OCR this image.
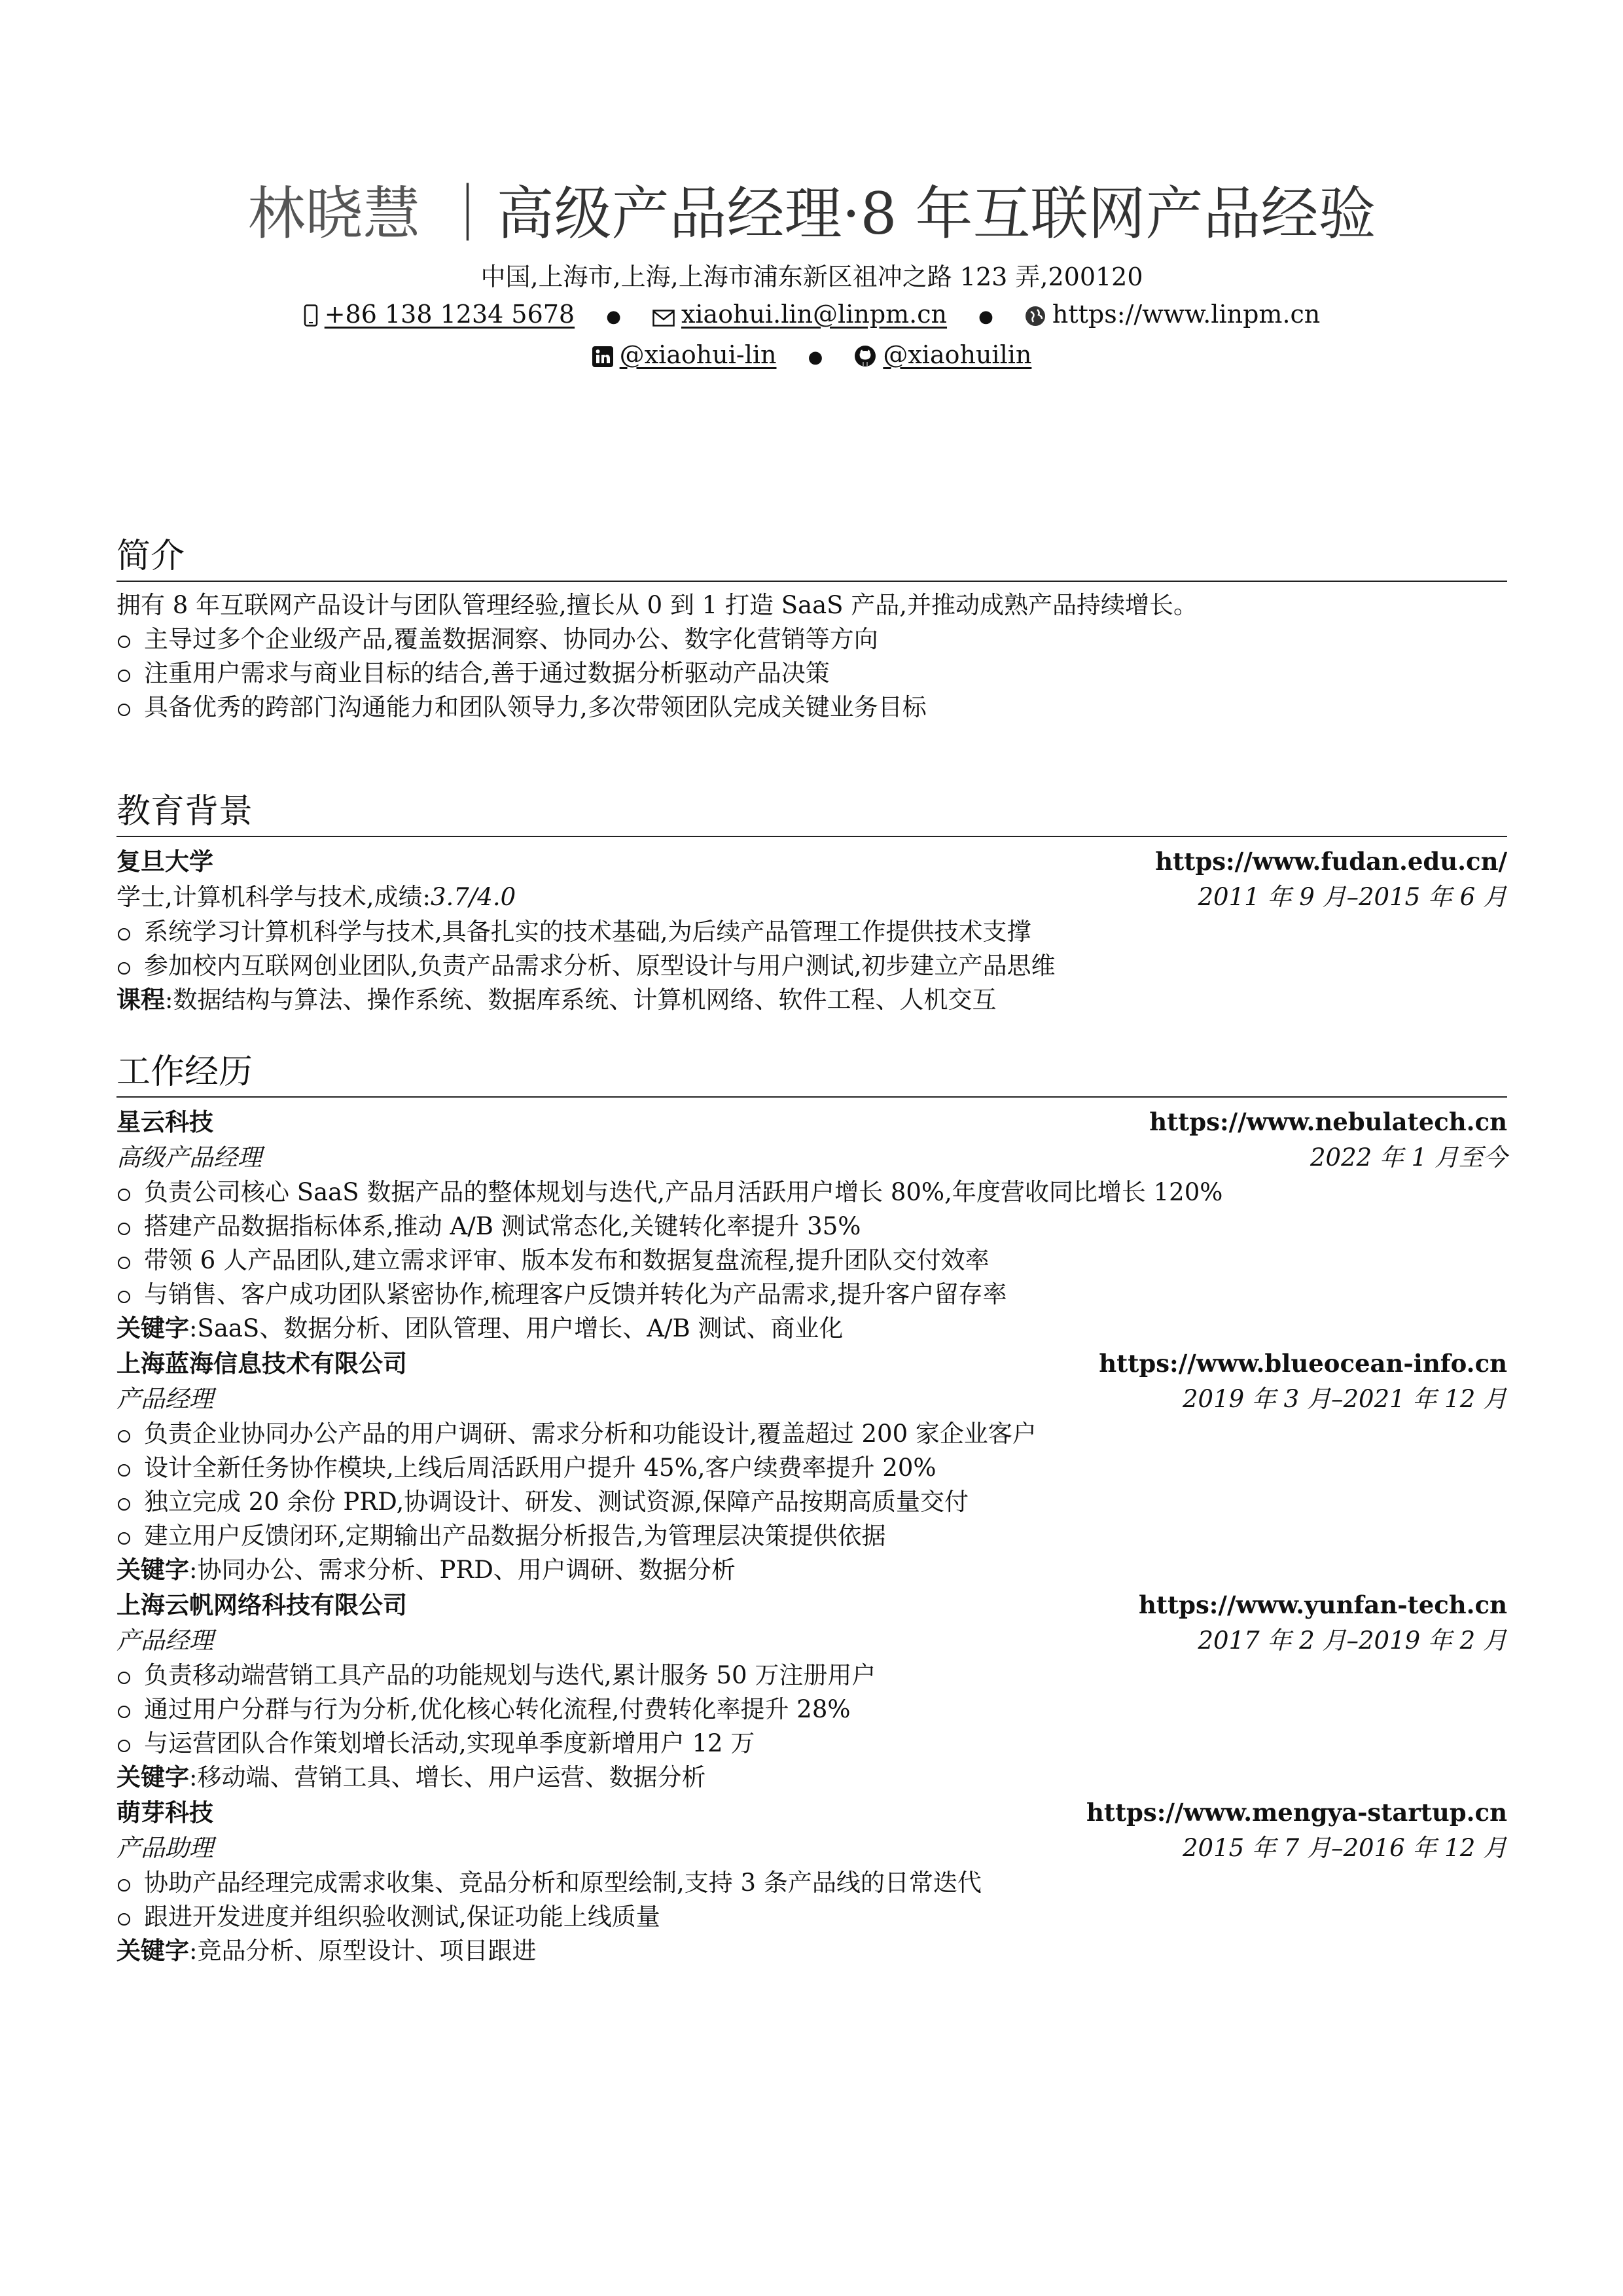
林晓慧 ｜高级产品经理·8 年互联网产品经验
中国,上海市,上海,上海市浦东新区祖冲之路 123 弄,200120
+86 138 1234 5678 ● xiaohui.lin@linpm.cn ● https://www.linpm.cn
@xiaohui-lin ● @xiaohuilin
简介
拥有 8 年互联网产品设计与团队管理经验,擅长从 0 到 1 打造 SaaS 产品,并推动成熟产品持续增长。
主导过多个企业级产品,覆盖数据洞察、协同办公、数字化营销等方向
注重用户需求与商业目标的结合,善于通过数据分析驱动产品决策
具备优秀的跨部门沟通能力和团队领导力,多次带领团队完成关键业务目标
教育背景
复旦大学	https://www.fudan.edu.cn/
学士,计算机科学与技术,成绩:3.7/4.0	2011 年 9 月–2015 年 6 月
系统学习计算机科学与技术,具备扎实的技术基础,为后续产品管理工作提供技术支撑
参加校内互联网创业团队,负责产品需求分析、原型设计与用户测试,初步建立产品思维
课程:数据结构与算法、操作系统、数据库系统、计算机网络、软件工程、人机交互
工作经历
星云科技	https://www.nebulatech.cn
高级产品经理	2022 年 1 月至今
负责公司核心 SaaS 数据产品的整体规划与迭代,产品月活跃用户增长 80%,年度营收同比增长 120%
搭建产品数据指标体系,推动 A/B 测试常态化,关键转化率提升 35%
带领 6 人产品团队,建立需求评审、版本发布和数据复盘流程,提升团队交付效率
与销售、客户成功团队紧密协作,梳理客户反馈并转化为产品需求,提升客户留存率
关键字:SaaS、数据分析、团队管理、用户增长、A/B 测试、商业化
上海蓝海信息技术有限公司	https://www.blueocean-info.cn
产品经理	2019 年 3 月–2021 年 12 月
负责企业协同办公产品的用户调研、需求分析和功能设计,覆盖超过 200 家企业客户
设计全新任务协作模块,上线后周活跃用户提升 45%,客户续费率提升 20%
独立完成 20 余份 PRD,协调设计、研发、测试资源,保障产品按期高质量交付
建立用户反馈闭环,定期输出产品数据分析报告,为管理层决策提供依据
关键字:协同办公、需求分析、PRD、用户调研、数据分析
上海云帆网络科技有限公司	https://www.yunfan-tech.cn
产品经理	2017 年 2 月–2019 年 2 月
负责移动端营销工具产品的功能规划与迭代,累计服务 50 万注册用户
通过用户分群与行为分析,优化核心转化流程,付费转化率提升 28%
与运营团队合作策划增长活动,实现单季度新增用户 12 万
关键字:移动端、营销工具、增长、用户运营、数据分析
萌芽科技	https://www.mengya-startup.cn
产品助理	2015 年 7 月–2016 年 12 月
协助产品经理完成需求收集、竞品分析和原型绘制,支持 3 条产品线的日常迭代
跟进开发进度并组织验收测试,保证功能上线质量
关键字:竞品分析、原型设计、项目跟进
